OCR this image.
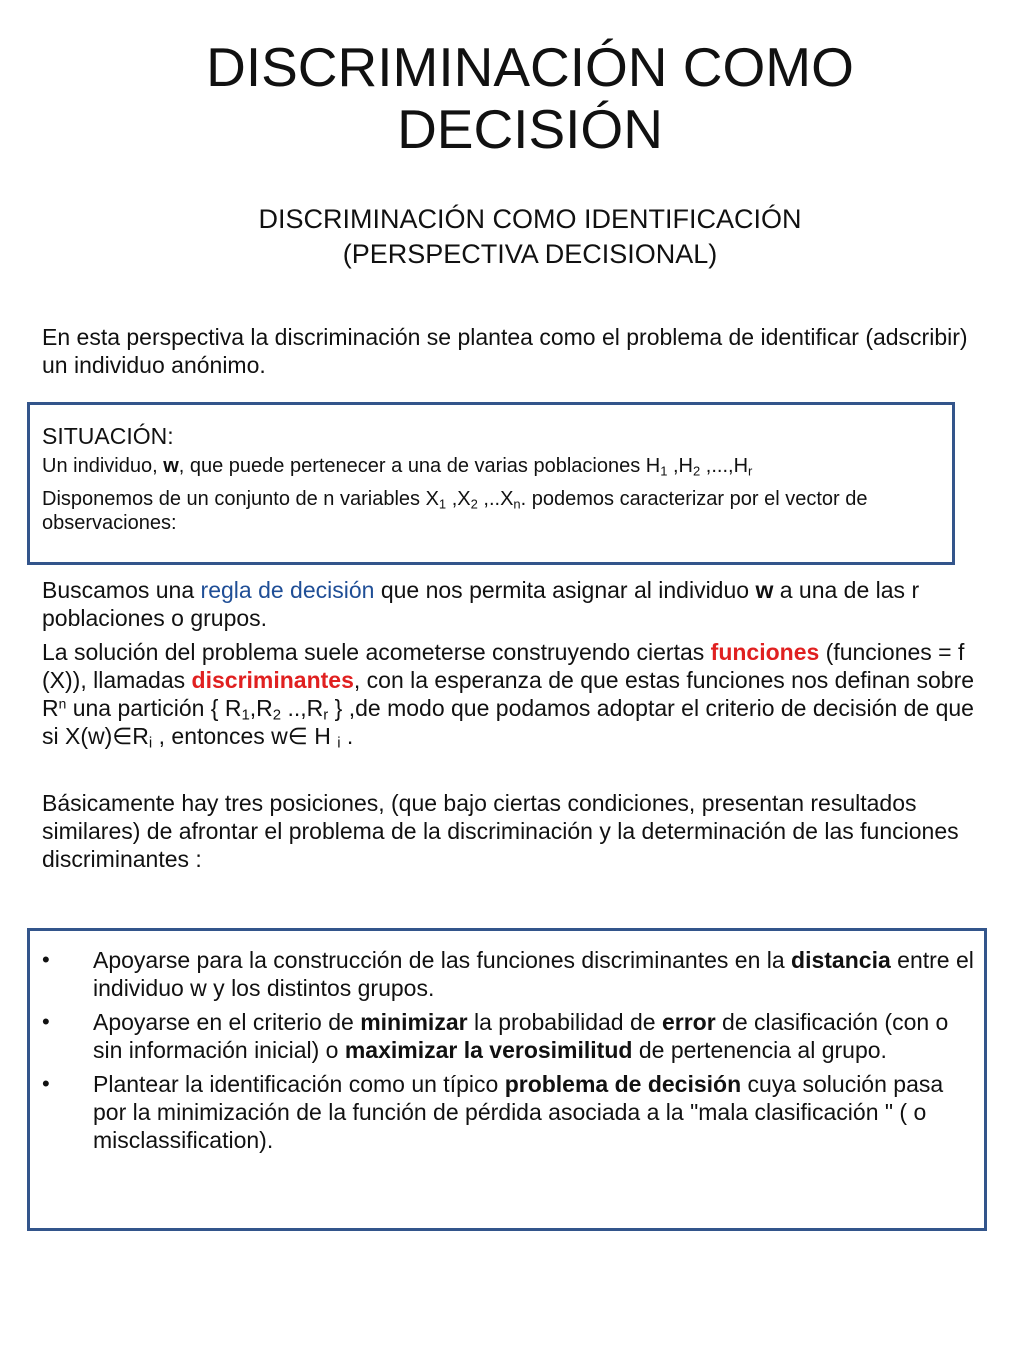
DISCRIMINACIÓN COMO
DECISIÓN
DISCRIMINACIÓN COMO IDENTIFICACIÓN
(PERSPECTIVA DECISIONAL)

En esta perspectiva la discriminación se plantea como el problema de identificar (adscribir) un individuo anónimo.

SITUACIÓN:

Un individuo, w, que puede pertenecer a una de varias poblaciones $H_1$ $,H_2$ $,...,H_r$

Disponemos de un conjunto de n variables $X_1$ $,X_2$ $,..X_n$. podemos caracterizar por el vector de observaciones:

Buscamos una regla de decisión que nos permita asignar al individuo w a una de las r poblaciones o grupos.

La solución del problema suele acometerse construyendo ciertas funciones (funciones = f (X)), llamadas discriminantes, con la esperanza de que estas funciones nos definan sobre $R^n$ una partición { $R_1,R_2$ $..,R_r$ } ,de modo que podamos adoptar el criterio de decisión de que si $X(w)\in R_i$ , entonces w∈ H $_i$ .

Básicamente hay tres posiciones, (que bajo ciertas condiciones, presentan resultados similares) de afrontar el problema de la discriminación y la determinación de las funciones discriminantes :

• Apoyarse para la construcción de las funciones discriminantes en la distancia entre el individuo w y los distintos grupos.
• Apoyarse en el criterio de minimizar la probabilidad de error de clasificación (con o sin información inicial) o maximizar la verosimilitud de pertenencia al grupo.
• Plantear la identificación como un típico problema de decisión cuya solución pasa por la minimización de la función de pérdida asociada a la "mala clasificación " ( o misclassification).
